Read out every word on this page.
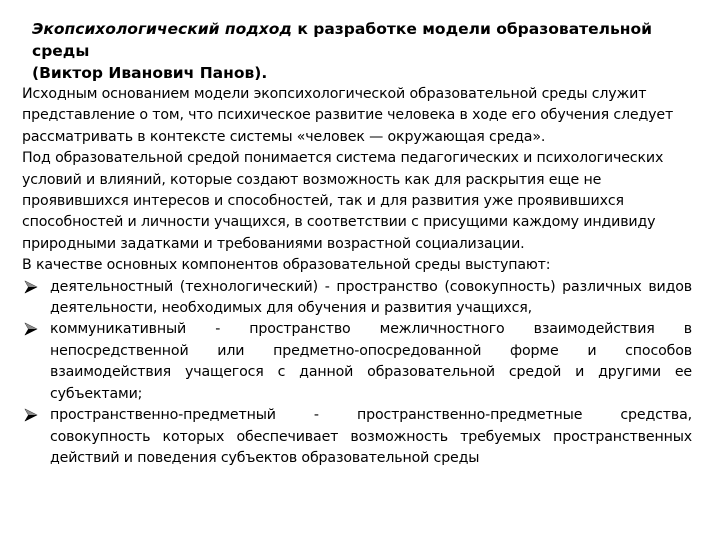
Экопсихологический подход к разработке модели образовательной среды
(Виктор Иванович Панов).

Исходным основанием модели экопсихологической образовательной среды служит представление о том, что психическое развитие человека в ходе его обучения следует рассматривать в контексте системы «человек — окружающая среда».

Под образовательной средой понимается система педагогических и психологических условий и влияний, которые создают возможность как для раскрытия еще не проявившихся интересов и способностей, так и для развития уже проявившихся способностей и личности учащихся, в соответствии с присущими каждому индивиду природными задатками и требованиями возрастной социализации.

В качестве основных компонентов образовательной среды выступают:

деятельностный (технологический) - пространство (совокупность) различных видов деятельности, необходимых для обучения и развития учащихся,
коммуникативный - пространство межличностного взаимодействия в непосредственной или предметно-опосредованной форме и способов взаимодействия учащегося с данной образовательной средой и другими ее субъектами;
пространственно-предметный - пространственно-предметные средства, совокупность которых обеспечивает возможность требуемых пространственных действий и поведения субъектов образовательной среды
